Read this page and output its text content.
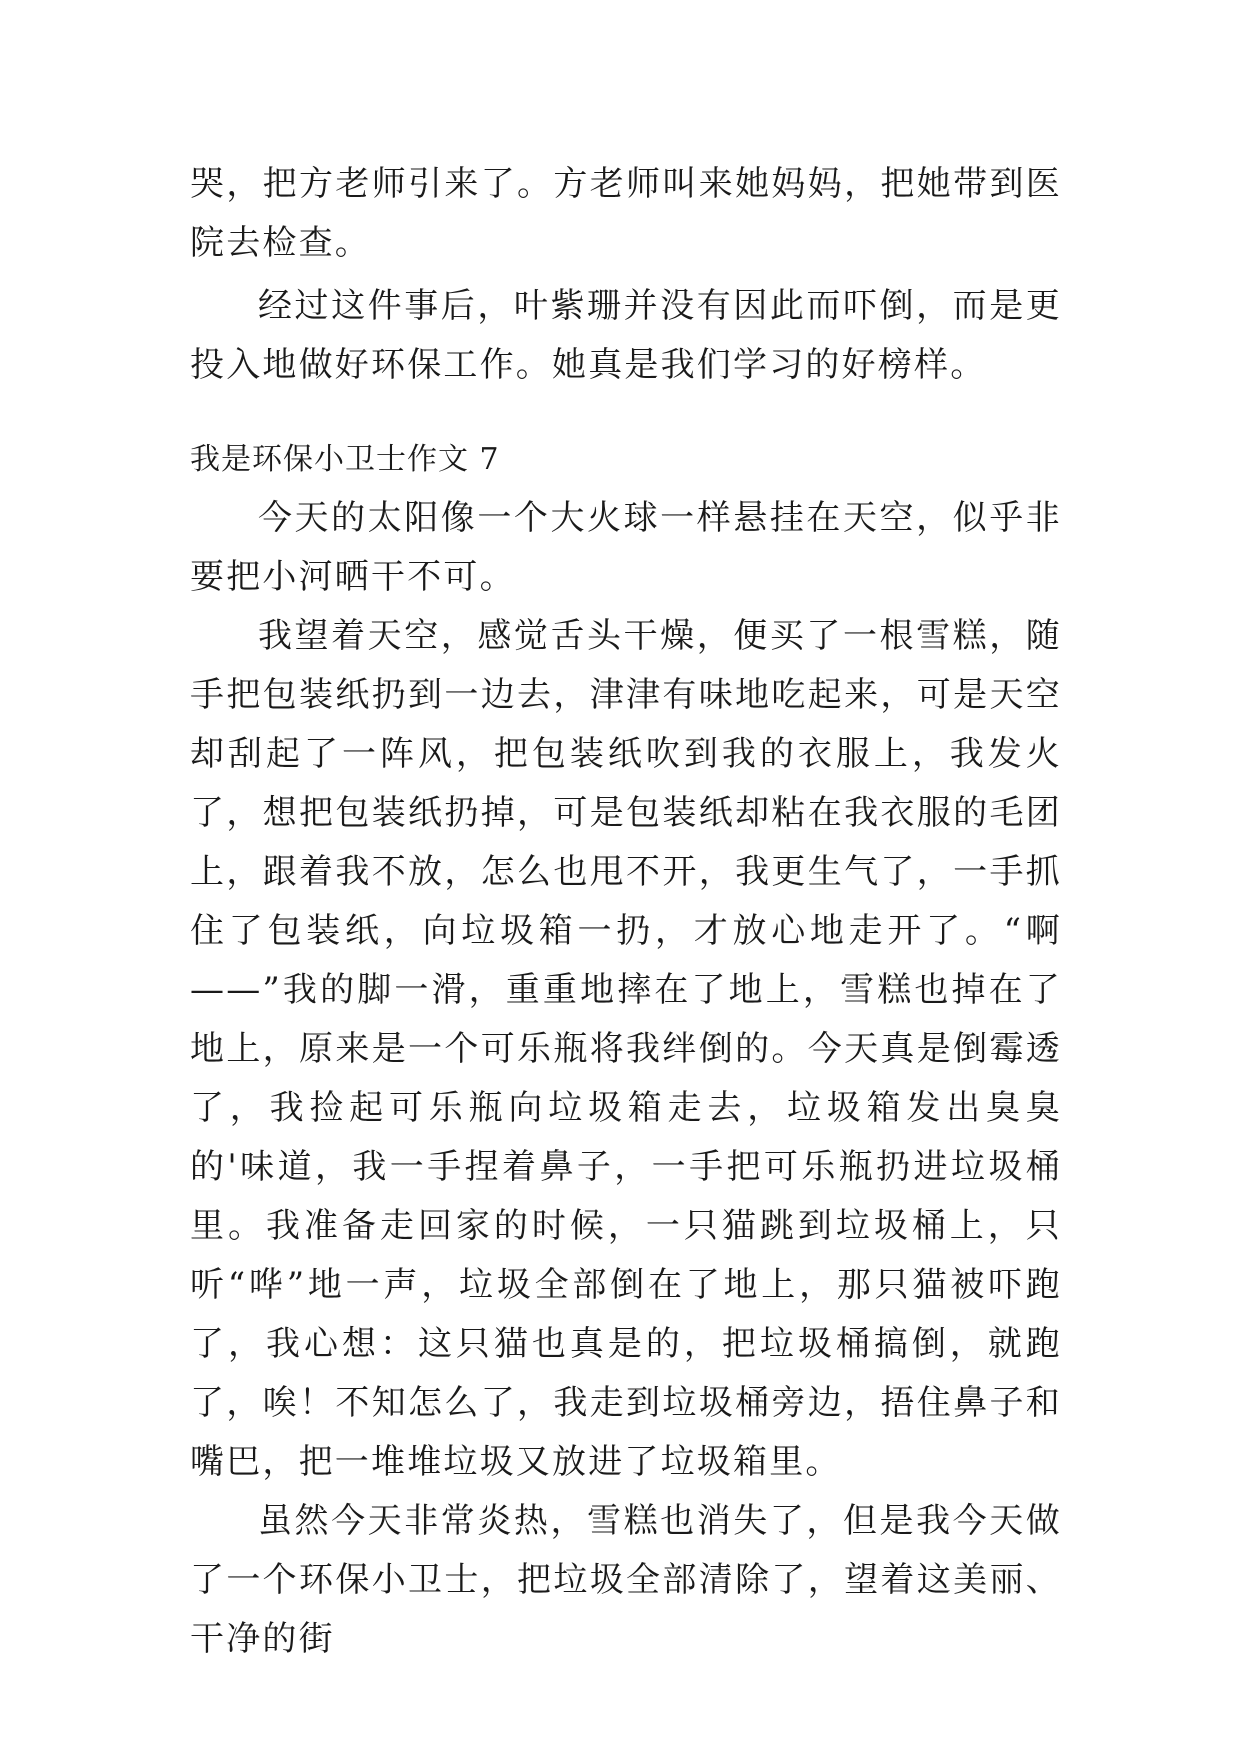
哭，把方老师引来了。方老师叫来她妈妈，把她带到医院去检查。

经过这件事后，叶紫珊并没有因此而吓倒，而是更投入地做好环保工作。她真是我们学习的好榜样。

我是环保小卫士作文 7

今天的太阳像一个大火球一样悬挂在天空，似乎非要把小河晒干不可。

我望着天空，感觉舌头干燥，便买了一根雪糕，随手把包装纸扔到一边去，津津有味地吃起来，可是天空却刮起了一阵风，把包装纸吹到我的衣服上，我发火了，想把包装纸扔掉，可是包装纸却粘在我衣服的毛团上，跟着我不放，怎么也甩不开，我更生气了，一手抓住了包装纸，向垃圾箱一扔，才放心地走开了。“啊——”我的脚一滑，重重地摔在了地上，雪糕也掉在了地上，原来是一个可乐瓶将我绊倒的。今天真是倒霉透了，我捡起可乐瓶向垃圾箱走去，垃圾箱发出臭臭的'味道，我一手捏着鼻子，一手把可乐瓶扔进垃圾桶里。我准备走回家的时候，一只猫跳到垃圾桶上，只听“哗”地一声，垃圾全部倒在了地上，那只猫被吓跑了，我心想：这只猫也真是的，把垃圾桶搞倒，就跑了，唉！不知怎么了，我走到垃圾桶旁边，捂住鼻子和嘴巴，把一堆堆垃圾又放进了垃圾箱里。

虽然今天非常炎热，雪糕也消失了，但是我今天做了一个环保小卫士，把垃圾全部清除了，望着这美丽、干净的街
